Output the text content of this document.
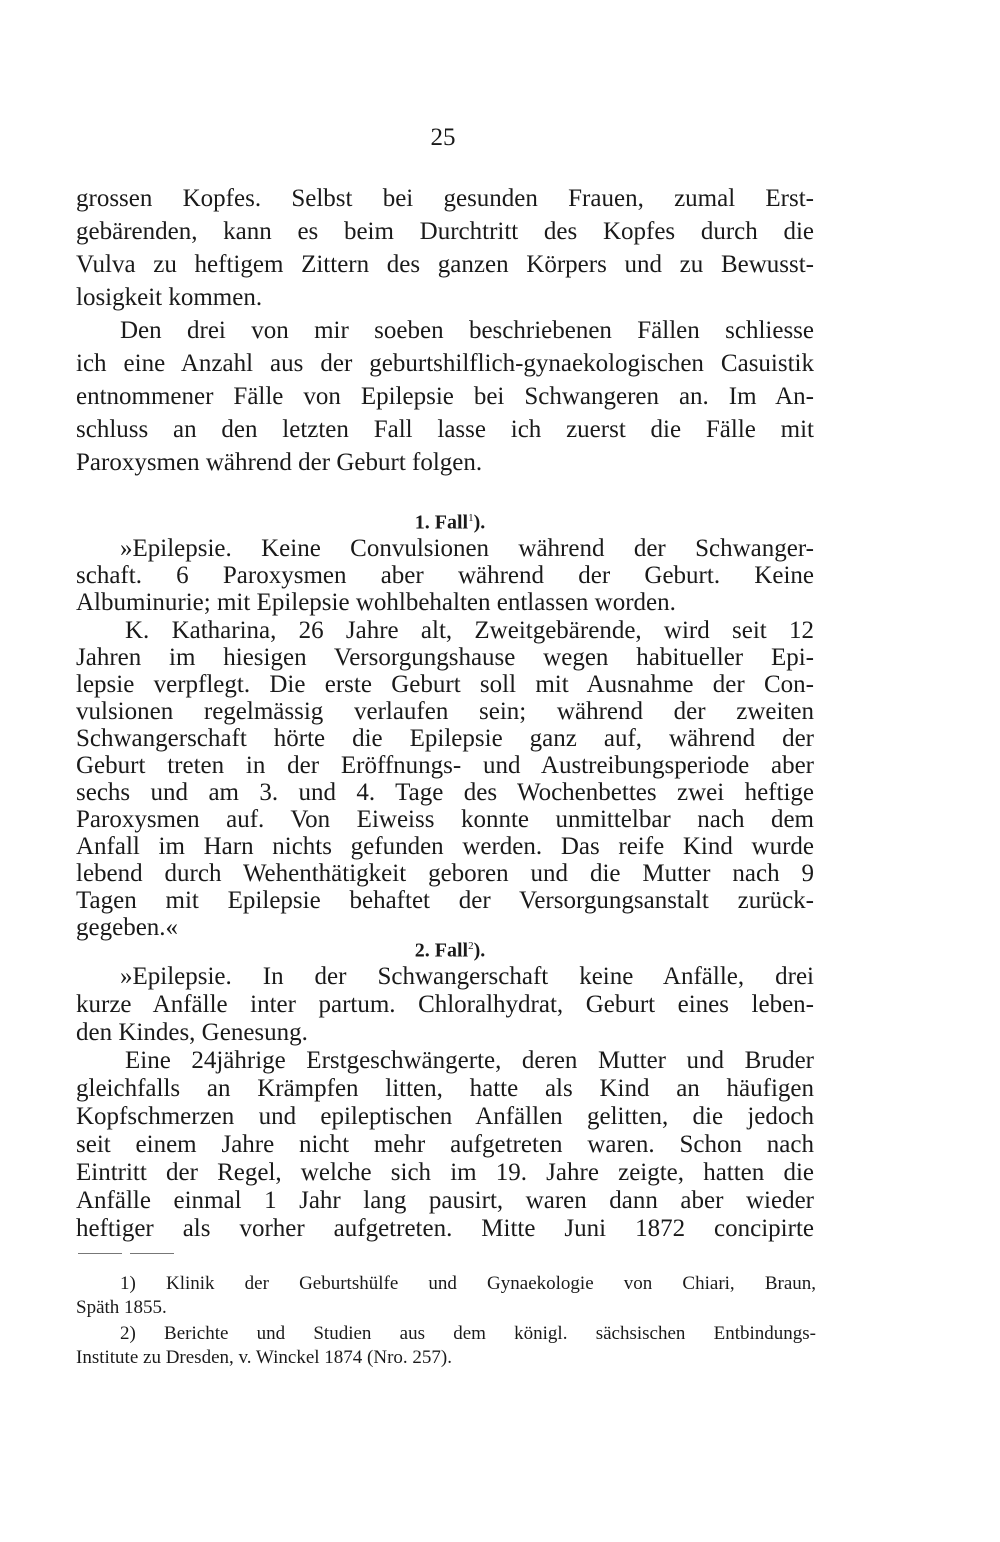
25
grossen Kopfes. Selbst bei gesunden Frauen, zumal Erst-
gebärenden, kann es beim Durchtritt des Kopfes durch die
Vulva zu heftigem Zittern des ganzen Körpers und zu Bewusst-
losigkeit kommen.
Den drei von mir soeben beschriebenen Fällen schliesse
ich eine Anzahl aus der geburtshilflich-gynaekologischen Casuistik
entnommener Fälle von Epilepsie bei Schwangeren an. Im An-
schluss an den letzten Fall lasse ich zuerst die Fälle mit
Paroxysmen während der Geburt folgen.
1. Fall$^1$).
»Epilepsie. Keine Convulsionen während der Schwanger-
schaft. 6 Paroxysmen aber während der Geburt. Keine
Albuminurie; mit Epilepsie wohlbehalten entlassen worden.
K. Katharina, 26 Jahre alt, Zweitgebärende, wird seit 12
Jahren im hiesigen Versorgungshause wegen habitueller Epi-
lepsie verpflegt. Die erste Geburt soll mit Ausnahme der Con-
vulsionen regelmässig verlaufen sein; während der zweiten
Schwangerschaft hörte die Epilepsie ganz auf, während der
Geburt treten in der Eröffnungs- und Austreibungsperiode aber
sechs und am 3. und 4. Tage des Wochenbettes zwei heftige
Paroxysmen auf. Von Eiweiss konnte unmittelbar nach dem
Anfall im Harn nichts gefunden werden. Das reife Kind wurde
lebend durch Wehenthätigkeit geboren und die Mutter nach 9
Tagen mit Epilepsie behaftet der Versorgungsanstalt zurück-
gegeben.«
2. Fall$^2$).
»Epilepsie. In der Schwangerschaft keine Anfälle, drei
kurze Anfälle inter partum. Chloralhydrat, Geburt eines leben-
den Kindes, Genesung.
Eine 24jährige Erstgeschwängerte, deren Mutter und Bruder
gleichfalls an Krämpfen litten, hatte als Kind an häufigen
Kopfschmerzen und epileptischen Anfällen gelitten, die jedoch
seit einem Jahre nicht mehr aufgetreten waren. Schon nach
Eintritt der Regel, welche sich im 19. Jahre zeigte, hatten die
Anfälle einmal 1 Jahr lang pausirt, waren dann aber wieder
heftiger als vorher aufgetreten. Mitte Juni 1872 concipirte
1) Klinik der Geburtshülfe und Gynaekologie von Chiari, Braun,
Späth 1855.
2) Berichte und Studien aus dem königl. sächsischen Entbindungs-
Institute zu Dresden, v. Winckel 1874 (Nro. 257).
